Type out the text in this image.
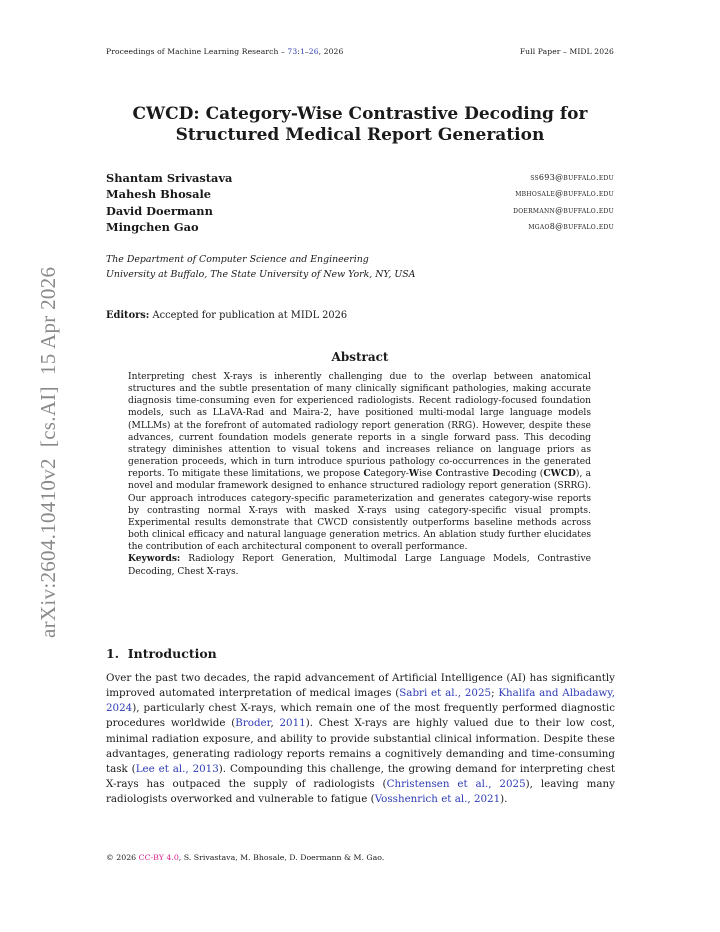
Proceedings of Machine Learning Research – 73:1–26, 2026	Full Paper – MIDL 2026
CWCD: Category-Wise Contrastive Decoding for Structured Medical Report Generation
Shantam Srivastava	ss693@buffalo.edu
Mahesh Bhosale	mbhosale@buffalo.edu
David Doermann	doermann@buffalo.edu
Mingchen Gao	mgao8@buffalo.edu
The Department of Computer Science and Engineering
University at Buffalo, The State University of New York, NY, USA
Editors: Accepted for publication at MIDL 2026
Abstract

Interpreting chest X-rays is inherently challenging due to the overlap between anatomical structures and the subtle presentation of many clinically significant pathologies, making accurate diagnosis time-consuming even for experienced radiologists. Recent radiology-focused foundation models, such as LLaVA-Rad and Maira-2, have positioned multi-modal large language models (MLLMs) at the forefront of automated radiology report generation (RRG). However, despite these advances, current foundation models generate reports in a single forward pass. This decoding strategy diminishes attention to visual tokens and increases reliance on language priors as generation proceeds, which in turn introduce spurious pathology co-occurrences in the generated reports. To mitigate these limitations, we propose Category-Wise Contrastive Decoding (CWCD), a novel and modular framework designed to enhance structured radiology report generation (SRRG). Our approach introduces category-specific parameterization and generates category-wise reports by contrasting normal X-rays with masked X-rays using category-specific visual prompts. Experimental results demonstrate that CWCD consistently outperforms baseline methods across both clinical efficacy and natural language generation metrics. An ablation study further elucidates the contribution of each architectural component to overall performance.

Keywords: Radiology Report Generation, Multimodal Large Language Models, Contrastive Decoding, Chest X-rays.

1.  Introduction

Over the past two decades, the rapid advancement of Artificial Intelligence (AI) has significantly improved automated interpretation of medical images (Sabri et al., 2025; Khalifa and Albadawy, 2024), particularly chest X-rays, which remain one of the most frequently performed diagnostic procedures worldwide (Broder, 2011). Chest X-rays are highly valued due to their low cost, minimal radiation exposure, and ability to provide substantial clinical information. Despite these advantages, generating radiology reports remains a cognitively demanding and time-consuming task (Lee et al., 2013). Compounding this challenge, the growing demand for interpreting chest X-rays has outpaced the supply of radiologists (Christensen et al., 2025), leaving many radiologists overworked and vulnerable to fatigue (Vosshenrich et al., 2021).

© 2026 CC-BY 4.0, S. Srivastava, M. Bhosale, D. Doermann & M. Gao.
arXiv:2604.10410v2  [cs.AI]  15 Apr 2026
